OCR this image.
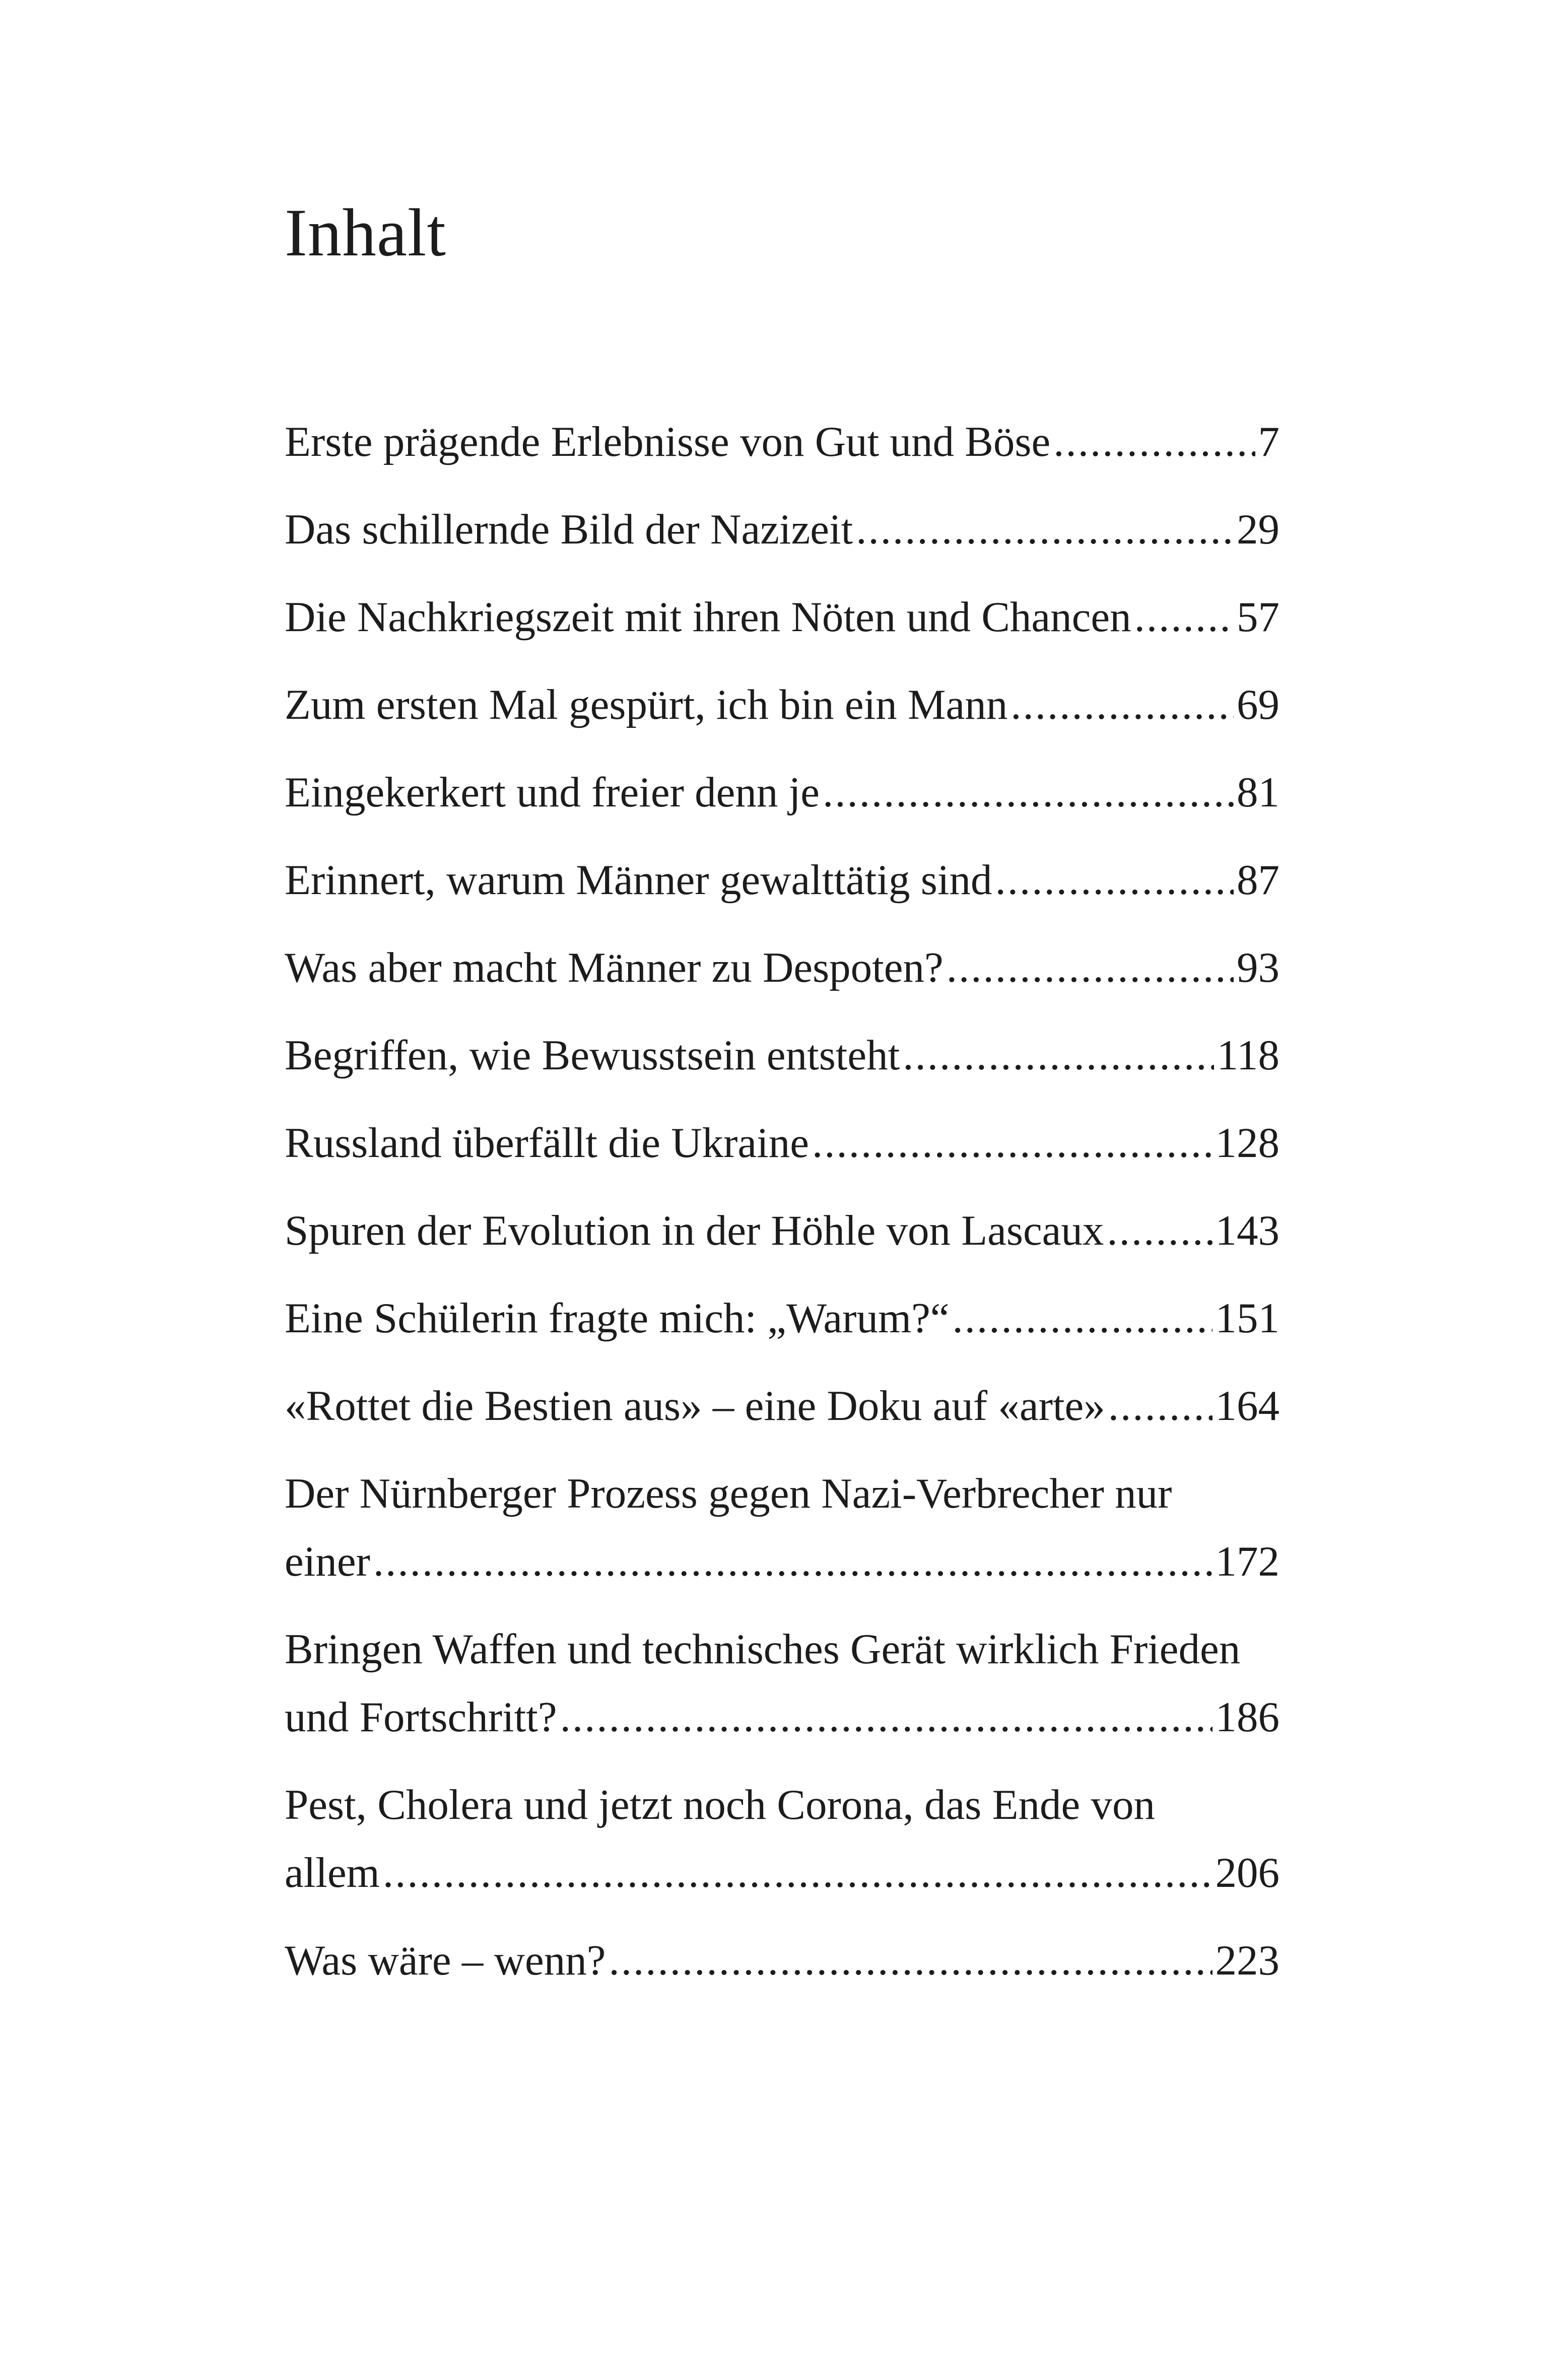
Inhalt
Erste prägende Erlebnisse von Gut und Böse .....	7
Das schillernde Bild der Nazizeit .....	29
Die Nachkriegszeit mit ihren Nöten und Chancen ..... 57
Zum ersten Mal gespürt, ich bin ein Mann .....	69
Eingekerkert und freier denn je .....	81
Erinnert, warum Männer gewalttätig sind .....	87
Was aber macht Männer zu Despoten? .....	93
Begriffen, wie Bewusstsein entsteht .....	118
Russland überfällt die Ukraine .....	128
Spuren der Evolution in der Höhle von Lascaux .....	143
Eine Schülerin fragte mich: „Warum?“ .....	151
«Rottet die Bestien aus» – eine Doku auf «arte» .....	164
Der Nürnberger Prozess gegen Nazi-Verbrecher nur
einer .....	172
Bringen Waffen und technisches Gerät wirklich Frieden
und Fortschritt? .....	186
Pest, Cholera und jetzt noch Corona, das Ende von
allem .....	206
Was wäre – wenn? .....	223
